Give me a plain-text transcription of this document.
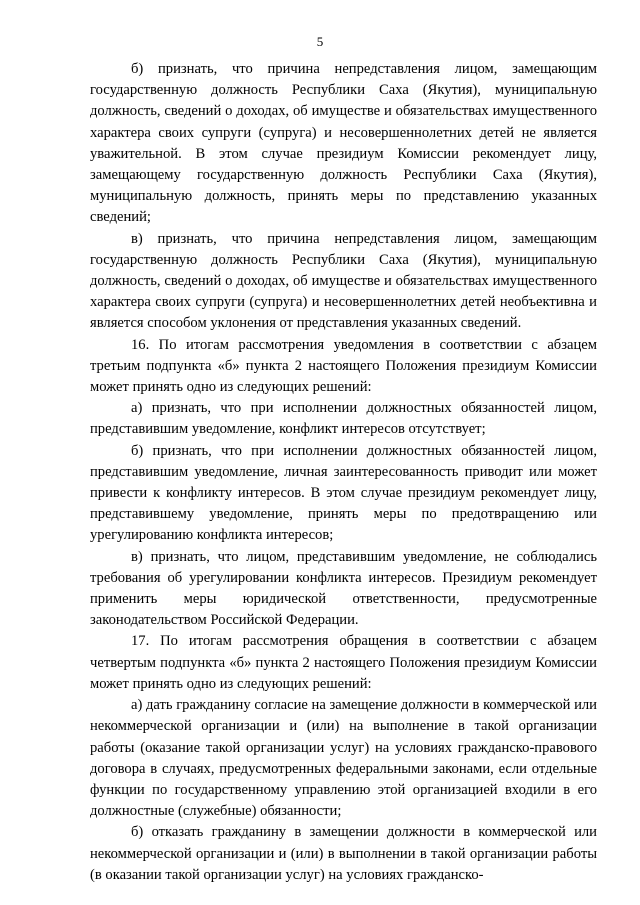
5

б) признать, что причина непредставления лицом, замещающим государственную должность Республики Саха (Якутия), муниципальную должность, сведений о доходах, об имуществе и обязательствах имущественного характера своих супруги (супруга) и несовершеннолетних детей не является уважительной. В этом случае президиум Комиссии рекомендует лицу, замещающему государственную должность Республики Саха (Якутия), муниципальную должность, принять меры по представлению указанных сведений;

в) признать, что причина непредставления лицом, замещающим государственную должность Республики Саха (Якутия), муниципальную должность, сведений о доходах, об имуществе и обязательствах имущественного характера своих супруги (супруга) и несовершеннолетних детей необъективна и является способом уклонения от представления указанных сведений.

16. По итогам рассмотрения уведомления в соответствии с абзацем третьим подпункта «б» пункта 2 настоящего Положения президиум Комиссии может принять одно из следующих решений:

а) признать, что при исполнении должностных обязанностей лицом, представившим уведомление, конфликт интересов отсутствует;

б) признать, что при исполнении должностных обязанностей лицом, представившим уведомление, личная заинтересованность приводит или может привести к конфликту интересов. В этом случае президиум рекомендует лицу, представившему уведомление, принять меры по предотвращению или урегулированию конфликта интересов;

в) признать, что лицом, представившим уведомление, не соблюдались требования об урегулировании конфликта интересов. Президиум рекомендует применить меры юридической ответственности, предусмотренные законодательством Российской Федерации.

17. По итогам рассмотрения обращения в соответствии с абзацем четвертым подпункта «б» пункта 2 настоящего Положения президиум Комиссии может принять одно из следующих решений:

а) дать гражданину согласие на замещение должности в коммерческой или некоммерческой организации и (или) на выполнение в такой организации работы (оказание такой организации услуг) на условиях гражданско-правового договора в случаях, предусмотренных федеральными законами, если отдельные функции по государственному управлению этой организацией входили в его должностные (служебные) обязанности;

б) отказать гражданину в замещении должности в коммерческой или некоммерческой организации и (или) в выполнении в такой организации работы (в оказании такой организации услуг) на условиях гражданско-
